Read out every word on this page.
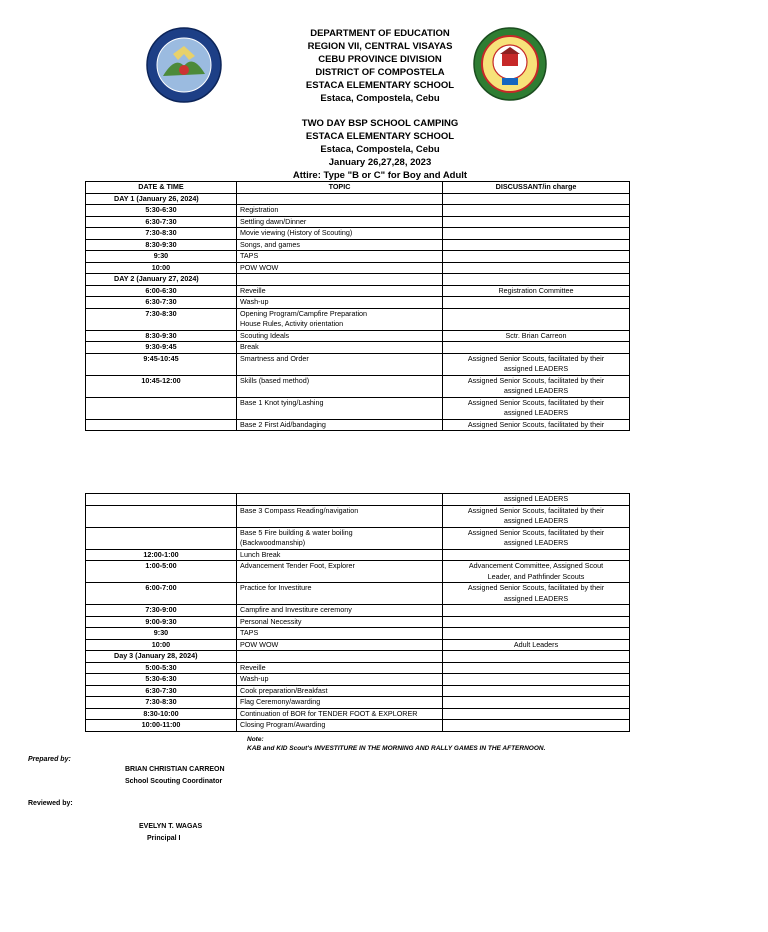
DEPARTMENT OF EDUCATION
REGION VII, CENTRAL VISAYAS
CEBU PROVINCE DIVISION
DISTRICT OF COMPOSTELA
ESTACA ELEMENTARY SCHOOL
Estaca, Compostela, Cebu
TWO DAY BSP SCHOOL CAMPING
ESTACA ELEMENTARY SCHOOL
Estaca, Compostela, Cebu
January 26,27,28, 2023
Attire: Type "B or C" for Boy and Adult
DATE & TIME	TOPIC	DISCUSSANT/in charge
DAY 1 (January 26, 2024)		
5:30-6:30	Registration	
6:30-7:30	Settling dawn/Dinner	
7:30-8:30	Movie viewing (History of Scouting)	
8:30-9:30	Songs, and games	
9:30	TAPS	
10:00	POW WOW	
DAY 2 (January 27, 2024)		
6:00-6:30	Reveille	Registration Committee
6:30-7:30	Wash-up	
7:30-8:30	Opening Program/Campfire Preparation
House Rules, Activity orientation	
8:30-9:30	Scouting Ideals	Sctr. Brian Carreon
9:30-9:45	Break	
9:45-10:45	Smartness and Order	Assigned Senior Scouts, facilitated by their
assigned LEADERS
10:45-12:00	Skills (based method)	Assigned Senior Scouts, facilitated by their
assigned LEADERS
	Base 1 Knot tying/Lashing	Assigned Senior Scouts, facilitated by their
assigned LEADERS
	Base 2 First Aid/bandaging	Assigned Senior Scouts, facilitated by their
		assigned LEADERS
	Base 3 Compass Reading/navigation	Assigned Senior Scouts, facilitated by their
assigned LEADERS
	Base 5 Fire building & water boiling
(Backwoodmanship)	Assigned Senior Scouts, facilitated by their
assigned LEADERS
12:00-1:00	Lunch Break	
1:00-5:00	Advancement Tender Foot, Explorer	Advancement Committee, Assigned Scout
Leader, and Pathfinder Scouts
6:00-7:00	Practice for Investiture	Assigned Senior Scouts, facilitated by their
assigned LEADERS
7:30-9:00	Campfire and Investiture ceremony	
9:00-9:30	Personal Necessity	
9:30	TAPS	
10:00	POW WOW	Adult Leaders
Day 3 (January 28, 2024)		
5:00-5:30	Reveille	
5:30-6:30	Wash-up	
6:30-7:30	Cook preparation/Breakfast	
7:30-8:30	Flag Ceremony/awarding	
8:30-10:00	Continuation of BOR for TENDER FOOT & EXPLORER	
10:00-11:00	Closing Program/Awarding	
Note:
KAB and KID Scout's INVESTITURE IN THE MORNING AND RALLY GAMES IN THE AFTERNOON.
Prepared by:
BRIAN CHRISTIAN CARREON
School Scouting Coordinator
Reviewed by:
EVELYN T. WAGAS
Principal I
